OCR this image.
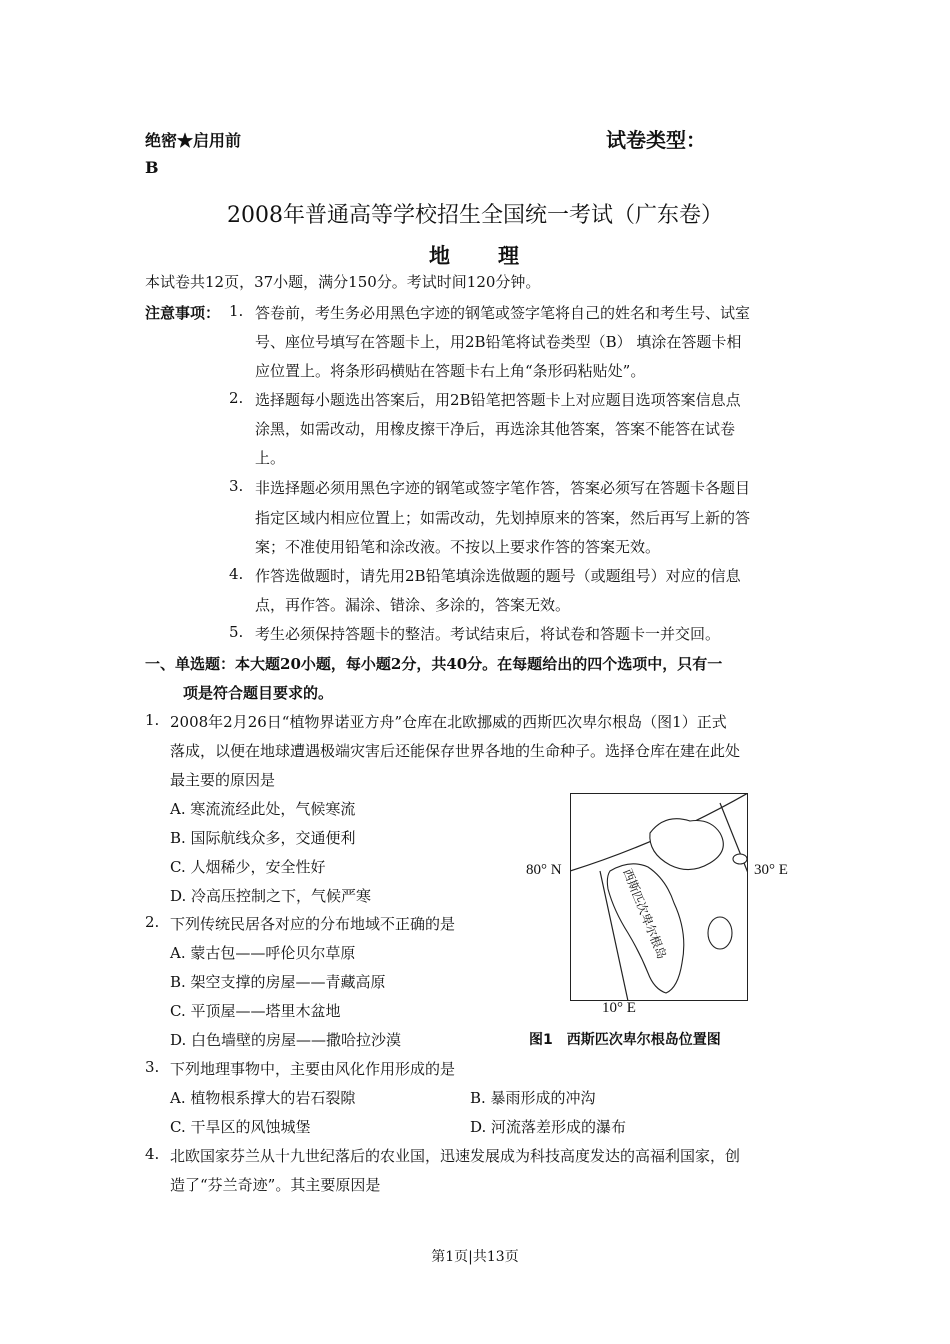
绝密★启用前	试卷类型：
B
2008年普通高等学校招生全国统一考试（广东卷）
地　　理
本试卷共12页，37小题，满分150分。考试时间120分钟。
注意事项： 1. 答卷前，考生务必用黑色字迹的钢笔或签字笔将自己的姓名和考生号、试室
号、座位号填写在答题卡上，用2B铅笔将试卷类型（B） 填涂在答题卡相
应位置上。将条形码横贴在答题卡右上角“条形码粘贴处”。
2. 选择题每小题选出答案后，用2B铅笔把答题卡上对应题目选项答案信息点
涂黑，如需改动，用橡皮擦干净后，再选涂其他答案，答案不能答在试卷
上。
3. 非选择题必须用黑色字迹的钢笔或签字笔作答，答案必须写在答题卡各题目
指定区域内相应位置上；如需改动，先划掉原来的答案，然后再写上新的答
案；不准使用铅笔和涂改液。不按以上要求作答的答案无效。
4. 作答选做题时，请先用2B铅笔填涂选做题的题号（或题组号）对应的信息
点，再作答。漏涂、错涂、多涂的，答案无效。
5. 考生必须保持答题卡的整洁。考试结束后，将试卷和答题卡一并交回。
一、单选题：本大题20小题，每小题2分，共40分。在每题给出的四个选项中，只有一
项是符合题目要求的。
1. 2008年2月26日“植物界诺亚方舟”仓库在北欧挪威的西斯匹次卑尔根岛（图1）正式
落成，以便在地球遭遇极端灾害后还能保存世界各地的生命种子。选择仓库在建在此处
最主要的原因是
A. 寒流流经此处，气候寒流
B. 国际航线众多，交通便利
C. 人烟稀少，安全性好
D. 冷高压控制之下，气候严寒
2. 下列传统民居各对应的分布地域不正确的是
A. 蒙古包——呼伦贝尔草原
B. 架空支撑的房屋——青藏高原
C. 平顶屋——塔里木盆地
D. 白色墙壁的房屋——撒哈拉沙漠
3. 下列地理事物中，主要由风化作用形成的是
A. 植物根系撑大的岩石裂隙	B. 暴雨形成的冲沟
C. 干旱区的风蚀城堡	D. 河流落差形成的瀑布
4. 北欧国家芬兰从十九世纪落后的农业国，迅速发展成为科技高度发达的高福利国家，创
造了“芬兰奇迹”。其主要原因是
西斯匹次卑尔根岛
80° N	30° E
10° E
图1　西斯匹次卑尔根岛位置图
第1页|共13页
